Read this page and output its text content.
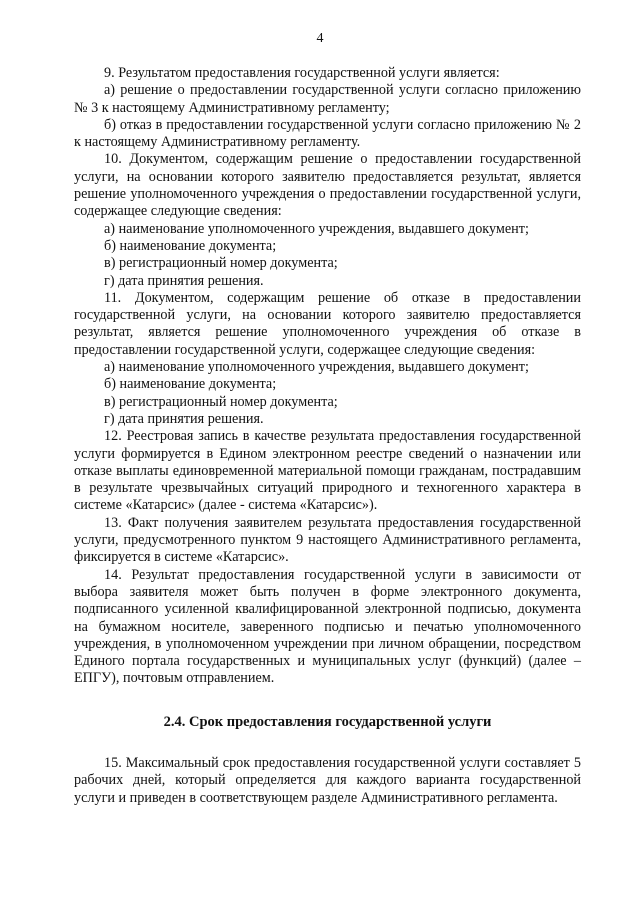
4

9. Результатом предоставления государственной услуги является:

а) решение о предоставлении государственной услуги согласно приложению № 3 к настоящему Административному регламенту;

б) отказ в предоставлении государственной услуги согласно приложению № 2 к настоящему Административному регламенту.

10. Документом, содержащим решение о предоставлении государственной услуги, на основании которого заявителю предоставляется результат, является решение уполномоченного учреждения о предоставлении государственной услуги, содержащее следующие сведения:

а) наименование уполномоченного учреждения, выдавшего документ;

б) наименование документа;

в) регистрационный номер документа;

г) дата принятия решения.

11. Документом, содержащим решение об отказе в предоставлении государственной услуги, на основании которого заявителю предоставляется результат, является решение уполномоченного учреждения об отказе в предоставлении государственной услуги, содержащее следующие сведения:

а) наименование уполномоченного учреждения, выдавшего документ;

б) наименование документа;

в) регистрационный номер документа;

г) дата принятия решения.

12. Реестровая запись в качестве результата предоставления государственной услуги формируется в Едином электронном реестре сведений о назначении или отказе выплаты единовременной материальной помощи гражданам, пострадавшим в результате чрезвычайных ситуаций природного и техногенного характера в системе «Катарсис» (далее - система «Катарсис»).

13. Факт получения заявителем результата предоставления государственной услуги, предусмотренного пунктом 9 настоящего Административного регламента, фиксируется в системе «Катарсис».

14. Результат предоставления государственной услуги в зависимости от выбора заявителя может быть получен в форме электронного документа, подписанного усиленной квалифицированной электронной подписью, документа на бумажном носителе, заверенного подписью и печатью уполномоченного учреждения, в уполномоченном учреждении при личном обращении, посредством Единого портала государственных и муниципальных услуг (функций) (далее – ЕПГУ), почтовым отправлением.

2.4. Срок предоставления государственной услуги

15. Максимальный срок предоставления государственной услуги составляет 5 рабочих дней, который определяется для каждого варианта государственной услуги и приведен в соответствующем разделе Административного регламента.
